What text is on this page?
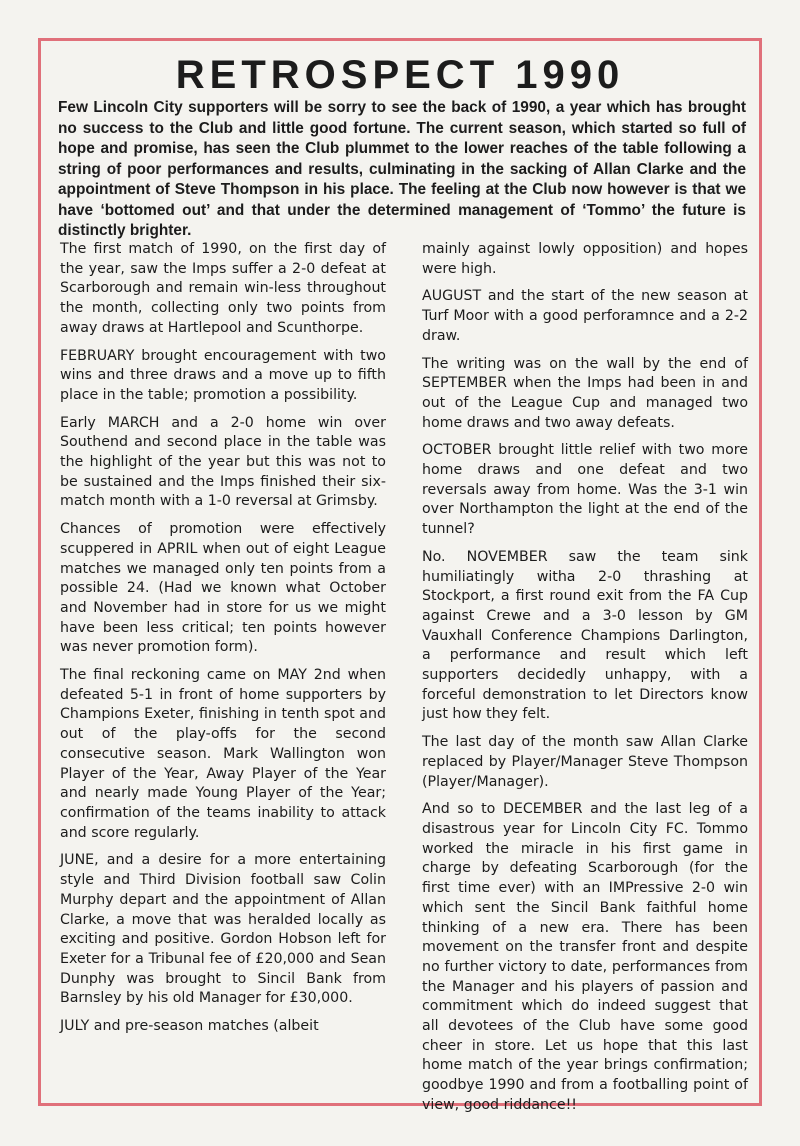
RETROSPECT 1990

Few Lincoln City supporters will be sorry to see the back of 1990, a year which has brought no success to the Club and little good fortune. The current season, which started so full of hope and promise, has seen the Club plummet to the lower reaches of the table following a string of poor performances and results, culminating in the sacking of Allan Clarke and the appointment of Steve Thompson in his place. The feeling at the Club now however is that we have ‘bottomed out’ and that under the determined management of ‘Tommo’ the future is distinctly brighter.

The first match of 1990, on the first day of the year, saw the Imps suffer a 2-0 defeat at Scarborough and remain win-less throughout the month, collecting only two points from away draws at Hartlepool and Scunthorpe.

FEBRUARY brought encouragement with two wins and three draws and a move up to fifth place in the table; promotion a possibility.

Early MARCH and a 2-0 home win over Southend and second place in the table was the highlight of the year but this was not to be sustained and the Imps finished their six-match month with a 1-0 reversal at Grimsby.

Chances of promotion were effectively scuppered in APRIL when out of eight League matches we managed only ten points from a possible 24. (Had we known what October and November had in store for us we might have been less critical; ten points however was never promotion form).

The final reckoning came on MAY 2nd when defeated 5-1 in front of home supporters by Champions Exeter, finishing in tenth spot and out of the play-offs for the second consecutive season. Mark Wallington won Player of the Year, Away Player of the Year and nearly made Young Player of the Year; confirmation of the teams inability to attack and score regularly.

JUNE, and a desire for a more entertaining style and Third Division football saw Colin Murphy depart and the appointment of Allan Clarke, a move that was heralded locally as exciting and positive. Gordon Hobson left for Exeter for a Tribunal fee of £20,000 and Sean Dunphy was brought to Sincil Bank from Barnsley by his old Manager for £30,000.

JULY and pre-season matches (albeit

mainly against lowly opposition) and hopes were high.

AUGUST and the start of the new season at Turf Moor with a good perforamnce and a 2-2 draw.

The writing was on the wall by the end of SEPTEMBER when the Imps had been in and out of the League Cup and managed two home draws and two away defeats.

OCTOBER brought little relief with two more home draws and one defeat and two reversals away from home. Was the 3-1 win over Northampton the light at the end of the tunnel?

No. NOVEMBER saw the team sink humiliatingly witha 2-0 thrashing at Stockport, a first round exit from the FA Cup against Crewe and a 3-0 lesson by GM Vauxhall Conference Champions Darlington, a performance and result which left supporters decidedly unhappy, with a forceful demonstration to let Directors know just how they felt.

The last day of the month saw Allan Clarke replaced by Player/Manager Steve Thompson (Player/Manager).

And so to DECEMBER and the last leg of a disastrous year for Lincoln City FC. Tommo worked the miracle in his first game in charge by defeating Scarborough (for the first time ever) with an IMPressive 2-0 win which sent the Sincil Bank faithful home thinking of a new era. There has been movement on the transfer front and despite no further victory to date, performances from the Manager and his players of passion and commitment which do indeed suggest that all devotees of the Club have some good cheer in store. Let us hope that this last home match of the year brings confirmation; goodbye 1990 and from a footballing point of view, good riddance!!
